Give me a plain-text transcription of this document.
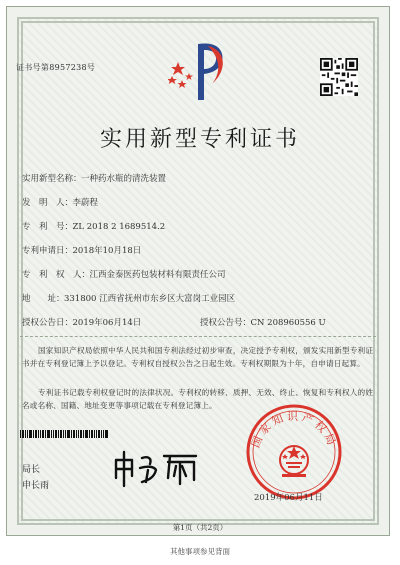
证书号第8957238号
实用新型专利证书
实用新型名称：一种药水瓶的清洗装置
发　明　人：李蔚程
专　利　号：ZL 2018 2 1689514.2
专利申请日：2018年10月18日
专　利　权　人：江西金泰医药包装材料有限责任公司
地　　址：331800 江西省抚州市东乡区大富岗工业园区
授权公告日：2019年06月14日	授权公告号：CN 208960556 U
国家知识产权局依照中华人民共和国专利法经过初步审查，决定授予专利权，颁发实用新型专利证书并在专利登记簿上予以登记。专利权自授权公告之日起生效。专利权期限为十年，自申请日起算。
专利证书记载专利权登记时的法律状况。专利权的转移、质押、无效、终止、恢复和专利权人的姓名或名称、国籍、地址变更等事项记载在专利登记簿上。
局长
申长雨
国家知识产权局
2019年06月11日
第1页（共2页）
其他事项参见背面
